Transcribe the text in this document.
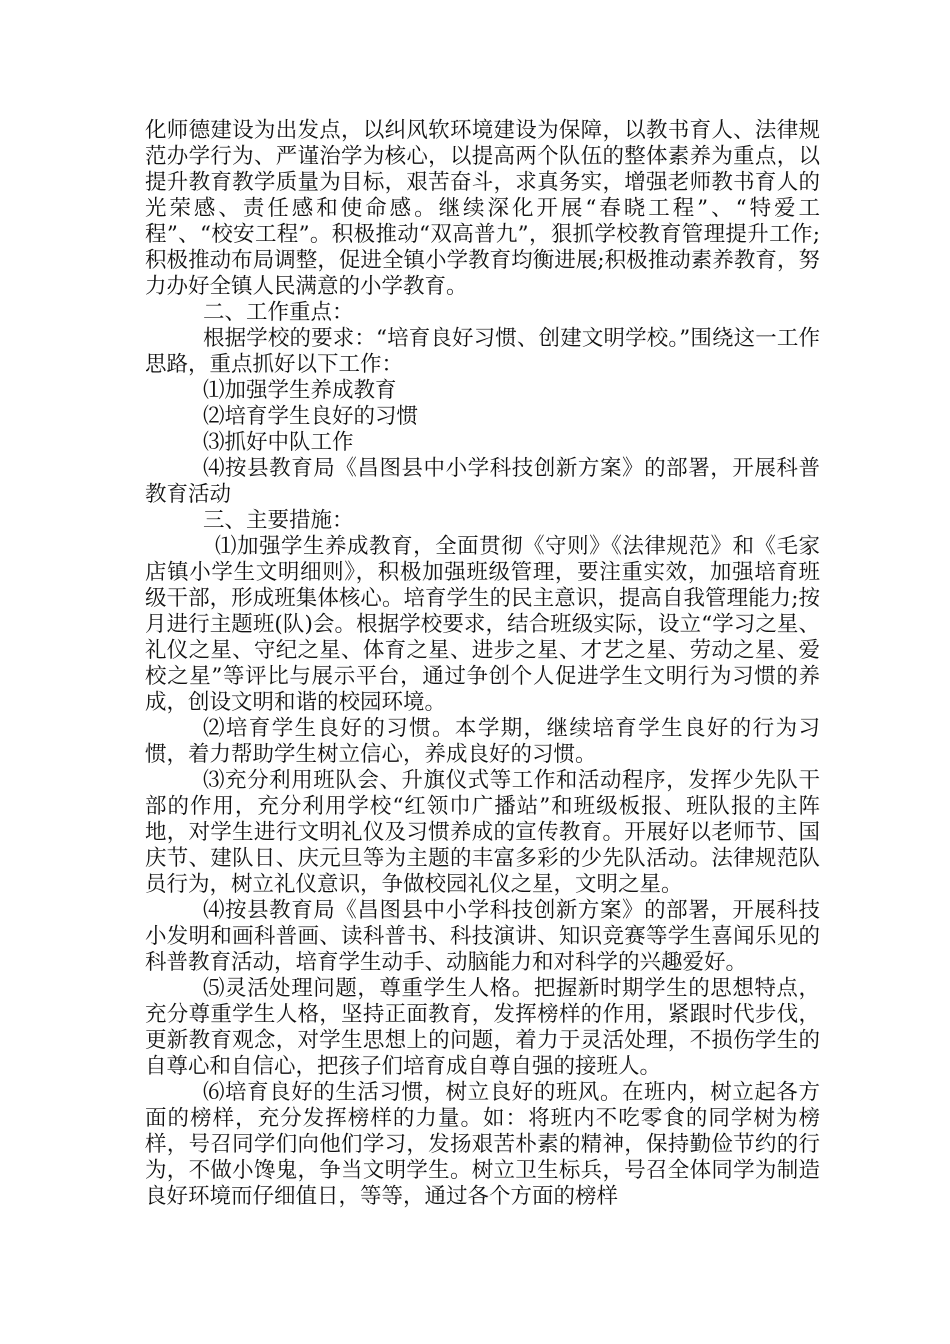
化师德建设为出发点，以纠风软环境建设为保障，以教书育人、法律规范办学行为、严谨治学为核心，以提高两个队伍的整体素养为重点，以提升教育教学质量为目标，艰苦奋斗，求真务实，增强老师教书育人的光荣感、责任感和使命感。继续深化开展“春晓工程”、“特爱工程”、“校安工程”。积极推动“双高普九”，狠抓学校教育管理提升工作;积极推动布局调整，促进全镇小学教育均衡进展;积极推动素养教育，努力办好全镇人民满意的小学教育。

二、工作重点：

根据学校的要求：“培育良好习惯、创建文明学校。”围绕这一工作思路，重点抓好以下工作：

⑴加强学生养成教育

⑵培育学生良好的习惯

⑶抓好中队工作

⑷按县教育局《昌图县中小学科技创新方案》的部署，开展科普教育活动

三、主要措施：

⑴加强学生养成教育，全面贯彻《守则》《法律规范》和《毛家店镇小学生文明细则》，积极加强班级管理，要注重实效，加强培育班级干部，形成班集体核心。培育学生的民主意识，提高自我管理能力;按月进行主题班(队)会。根据学校要求，结合班级实际，设立“学习之星、礼仪之星、守纪之星、体育之星、进步之星、才艺之星、劳动之星、爱校之星”等评比与展示平台，通过争创个人促进学生文明行为习惯的养成，创设文明和谐的校园环境。

⑵培育学生良好的习惯。本学期，继续培育学生良好的行为习惯，着力帮助学生树立信心，养成良好的习惯。

⑶充分利用班队会、升旗仪式等工作和活动程序，发挥少先队干部的作用，充分利用学校“红领巾广播站”和班级板报、班队报的主阵地，对学生进行文明礼仪及习惯养成的宣传教育。开展好以老师节、国庆节、建队日、庆元旦等为主题的丰富多彩的少先队活动。法律规范队员行为，树立礼仪意识，争做校园礼仪之星，文明之星。

⑷按县教育局《昌图县中小学科技创新方案》的部署，开展科技小发明和画科普画、读科普书、科技演讲、知识竞赛等学生喜闻乐见的科普教育活动，培育学生动手、动脑能力和对科学的兴趣爱好。

⑸灵活处理问题，尊重学生人格。把握新时期学生的思想特点，充分尊重学生人格，坚持正面教育，发挥榜样的作用，紧跟时代步伐，更新教育观念，对学生思想上的问题，着力于灵活处理，不损伤学生的自尊心和自信心，把孩子们培育成自尊自强的接班人。

⑹培育良好的生活习惯，树立良好的班风。在班内，树立起各方面的榜样，充分发挥榜样的力量。如：将班内不吃零食的同学树为榜样，号召同学们向他们学习，发扬艰苦朴素的精神，保持勤俭节约的行为，不做小馋鬼，争当文明学生。树立卫生标兵，号召全体同学为制造良好环境而仔细值日，等等，通过各个方面的榜样
